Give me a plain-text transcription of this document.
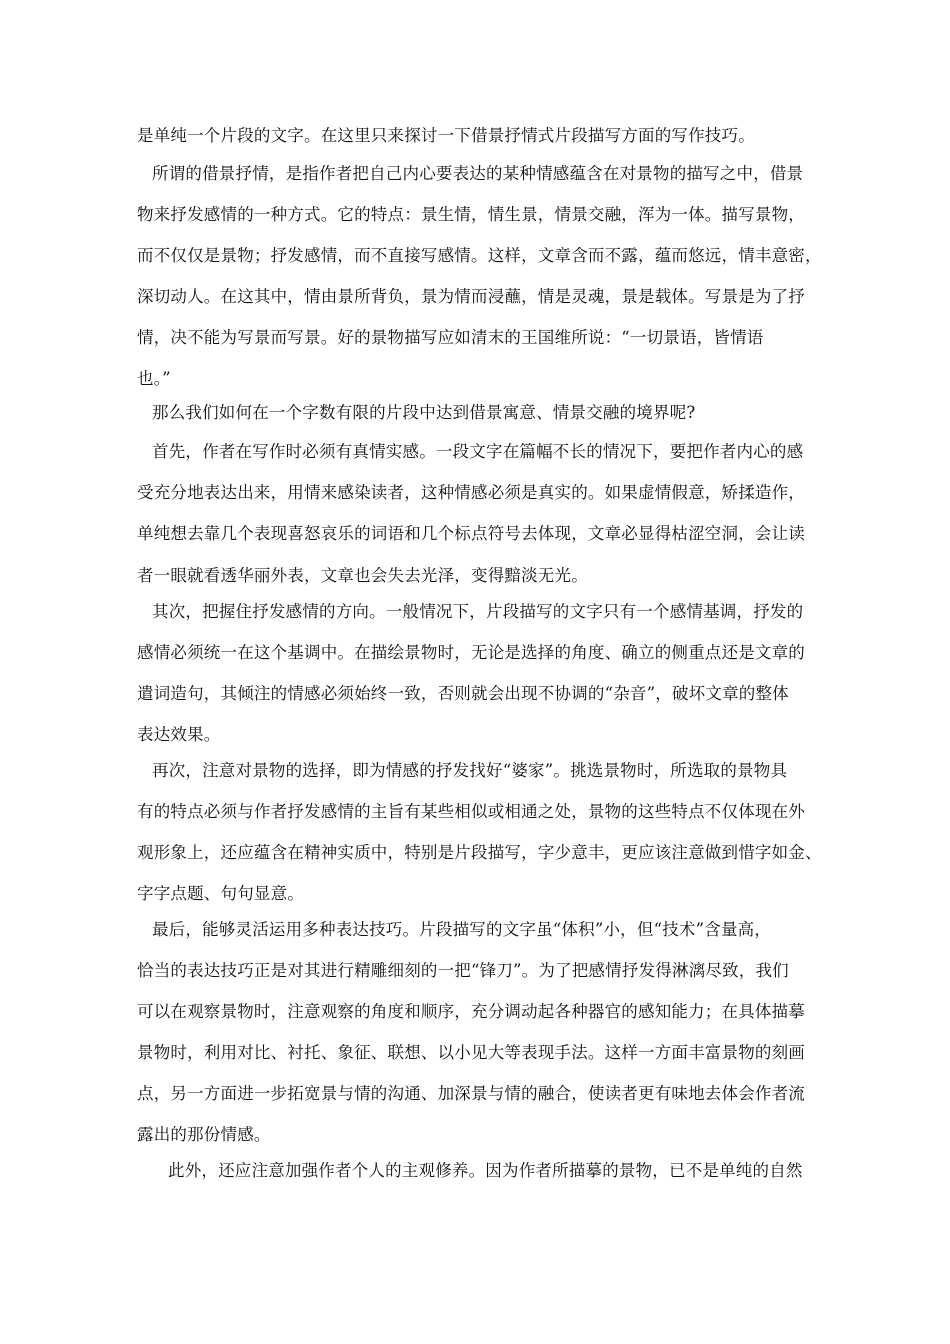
是单纯一个片段的文字。在这里只来探讨一下借景抒情式片段描写方面的写作技巧。
所谓的借景抒情，是指作者把自己内心要表达的某种情感蕴含在对景物的描写之中，借景
物来抒发感情的一种方式。它的特点：景生情，情生景，情景交融，浑为一体。描写景物，
而不仅仅是景物；抒发感情，而不直接写感情。这样，文章含而不露，蕴而悠远，情丰意密，
深切动人。在这其中，情由景所背负，景为情而浸蘸，情是灵魂，景是载体。写景是为了抒
情，决不能为写景而写景。好的景物描写应如清末的王国维所说：“一切景语，皆情语
也。”
那么我们如何在一个字数有限的片段中达到借景寓意、情景交融的境界呢?
首先，作者在写作时必须有真情实感。一段文字在篇幅不长的情况下，要把作者内心的感
受充分地表达出来，用情来感染读者，这种情感必须是真实的。如果虚情假意，矫揉造作，
单纯想去靠几个表现喜怒哀乐的词语和几个标点符号去体现，文章必显得枯涩空洞，会让读
者一眼就看透华丽外表，文章也会失去光泽，变得黯淡无光。
其次，把握住抒发感情的方向。一般情况下，片段描写的文字只有一个感情基调，抒发的
感情必须统一在这个基调中。在描绘景物时，无论是选择的角度、确立的侧重点还是文章的
遣词造句，其倾注的情感必须始终一致，否则就会出现不协调的“杂音”，破坏文章的整体
表达效果。
再次，注意对景物的选择，即为情感的抒发找好“婆家”。挑选景物时，所选取的景物具
有的特点必须与作者抒发感情的主旨有某些相似或相通之处，景物的这些特点不仅体现在外
观形象上，还应蕴含在精神实质中，特别是片段描写，字少意丰，更应该注意做到惜字如金、
字字点题、句句显意。
最后，能够灵活运用多种表达技巧。片段描写的文字虽“体积”小，但“技术”含量高，
恰当的表达技巧正是对其进行精雕细刻的一把“锋刀”。为了把感情抒发得淋漓尽致，我们
可以在观察景物时，注意观察的角度和顺序，充分调动起各种器官的感知能力；在具体描摹
景物时，利用对比、衬托、象征、联想、以小见大等表现手法。这样一方面丰富景物的刻画
点，另一方面进一步拓宽景与情的沟通、加深景与情的融合，使读者更有味地去体会作者流
露出的那份情感。
此外，还应注意加强作者个人的主观修养。因为作者所描摹的景物，已不是单纯的自然
